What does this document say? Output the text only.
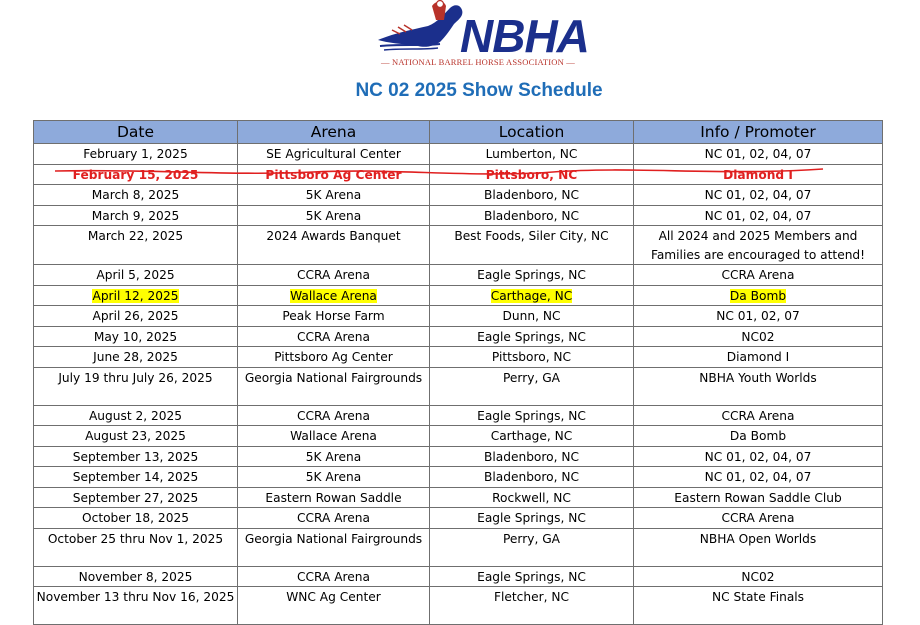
NBHA
— NATIONAL BARREL HORSE ASSOCIATION —
NC 02 2025 Show Schedule
Date	Arena	Location	Info / Promoter
February 1, 2025	SE Agricultural Center	Lumberton, NC	NC 01, 02, 04, 07
February 15, 2025	Pittsboro Ag Center	Pittsboro, NC	Diamond I
March 8, 2025	5K Arena	Bladenboro, NC	NC 01, 02, 04, 07
March 9, 2025	5K Arena	Bladenboro, NC	NC 01, 02, 04, 07
March 22, 2025	2024 Awards Banquet	Best Foods, Siler City, NC	All 2024 and 2025 Members and Families are encouraged to attend!
April 5, 2025	CCRA Arena	Eagle Springs, NC	CCRA Arena
April 12, 2025	Wallace Arena	Carthage, NC	Da Bomb
April 26, 2025	Peak Horse Farm	Dunn, NC	NC 01, 02, 07
May 10, 2025	CCRA Arena	Eagle Springs, NC	NC02
June 28, 2025	Pittsboro Ag Center	Pittsboro, NC	Diamond I
July 19 thru July 26, 2025	Georgia National Fairgrounds	Perry, GA	NBHA Youth Worlds
August 2, 2025	CCRA Arena	Eagle Springs, NC	CCRA Arena
August 23, 2025	Wallace Arena	Carthage, NC	Da Bomb
September 13, 2025	5K Arena	Bladenboro, NC	NC 01, 02, 04, 07
September 14, 2025	5K Arena	Bladenboro, NC	NC 01, 02, 04, 07
September 27, 2025	Eastern Rowan Saddle	Rockwell, NC	Eastern Rowan Saddle Club
October 18, 2025	CCRA Arena	Eagle Springs, NC	CCRA Arena
October 25 thru Nov 1, 2025	Georgia National Fairgrounds	Perry, GA	NBHA Open Worlds
November 8, 2025	CCRA Arena	Eagle Springs, NC	NC02
November 13 thru Nov 16, 2025	WNC Ag Center	Fletcher, NC	NC State Finals
